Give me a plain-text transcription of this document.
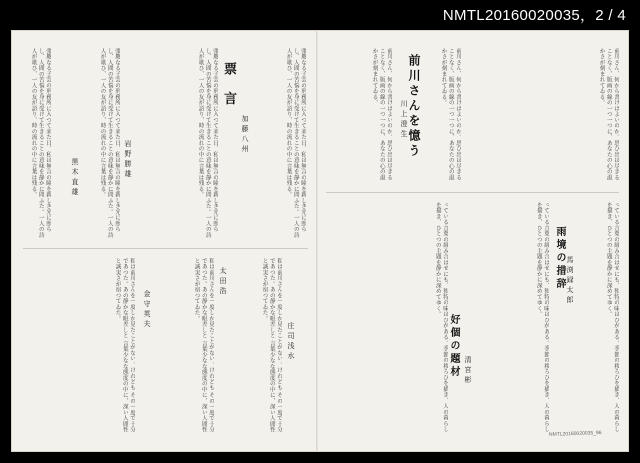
NMTL20160020035，2 / 4
票 言
加藤八州	張慶なる子雲の刑務所に入つて来た日、私は無言の瞳を新しき光に照らし、人間の苦悩を身に受けて生きることの意味を静かに問ふた。一人の詩人が歌ひ、一人の友が語り、時の流れの中に言葉は残る。
張慶なる子雲の刑務所に入つて来た日、私は無言の瞳を新しき光に照らし、人間の苦悩を身に受けて生きることの意味を静かに問ふた。一人の詩人が歌ひ、一人の友が語り、時の流れの中に言葉は残る。
岩野勝雄
張慶なる子雲の刑務所に入つて来た日、私は無言の瞳を新しき光に照らし、人間の苦悩を身に受けて生きることの意味を静かに問ふた。一人の詩人が歌ひ、一人の友が語り、時の流れの中に言葉は残る。
黒木直雄
張慶なる子雲の刑務所に入つて来た日、私は無言の瞳を新しき光に照らし、人間の苦悩を身に受けて生きることの意味を静かに問ふた。一人の詩人が歌ひ、一人の友が語り、時の流れの中に言葉は残る。
庄司浅水
私は前川さんを一度しか見たことがない。けれども その一度で十分であつた。あの静かな眼差しと 言葉少なな態度の中に、深い人間性と誠実さが宿つてゐた。
太田浩
私は前川さんを一度しか見たことがない。けれども その一度で十分であつた。あの静かな眼差しと 言葉少なな態度の中に、深い人間性と誠実さが宿つてゐた。
金守英夫
私は前川さんを一度しか見たことがない。けれども その一度で十分であつた。あの静かな眼差しと 言葉少なな態度の中に、深い人間性と誠実さが宿つてゐた。
前川さん、何から書けばよいのか。思ひ出は尽きることなく、版画の線の一つ一つに、あなたの心の温かさが刻まれてゐる。
前川さん、何から書けばよいのか。思ひ出は尽きることなく、版画の線の一つ一つに、あなたの心の温かさが刻まれてゐる。
前川さんを憶う
川上澄生
前川さん、何から書けばよいのか。思ひ出は尽きることなく、版画の線の一つ一つに、あなたの心の温かさが刻まれてゐる。
っている言葉の組み合はせにも、独特の味はひがある。季節の移ろひを描き、人の暮らしを描き、ひとつの主題を静かに深めてゆく。
雨境の措辞 馬渕録太郎
っている言葉の組み合はせにも、独特の味はひがある。季節の移ろひを描き、人の暮らしを描き、ひとつの主題を静かに深めてゆく。
好個の題材 清宮彬
っている言葉の組み合はせにも、独特の味はひがある。季節の移ろひを描き、人の暮らしを描き、ひとつの主題を静かに深めてゆく。
NMTL20160020035_96
